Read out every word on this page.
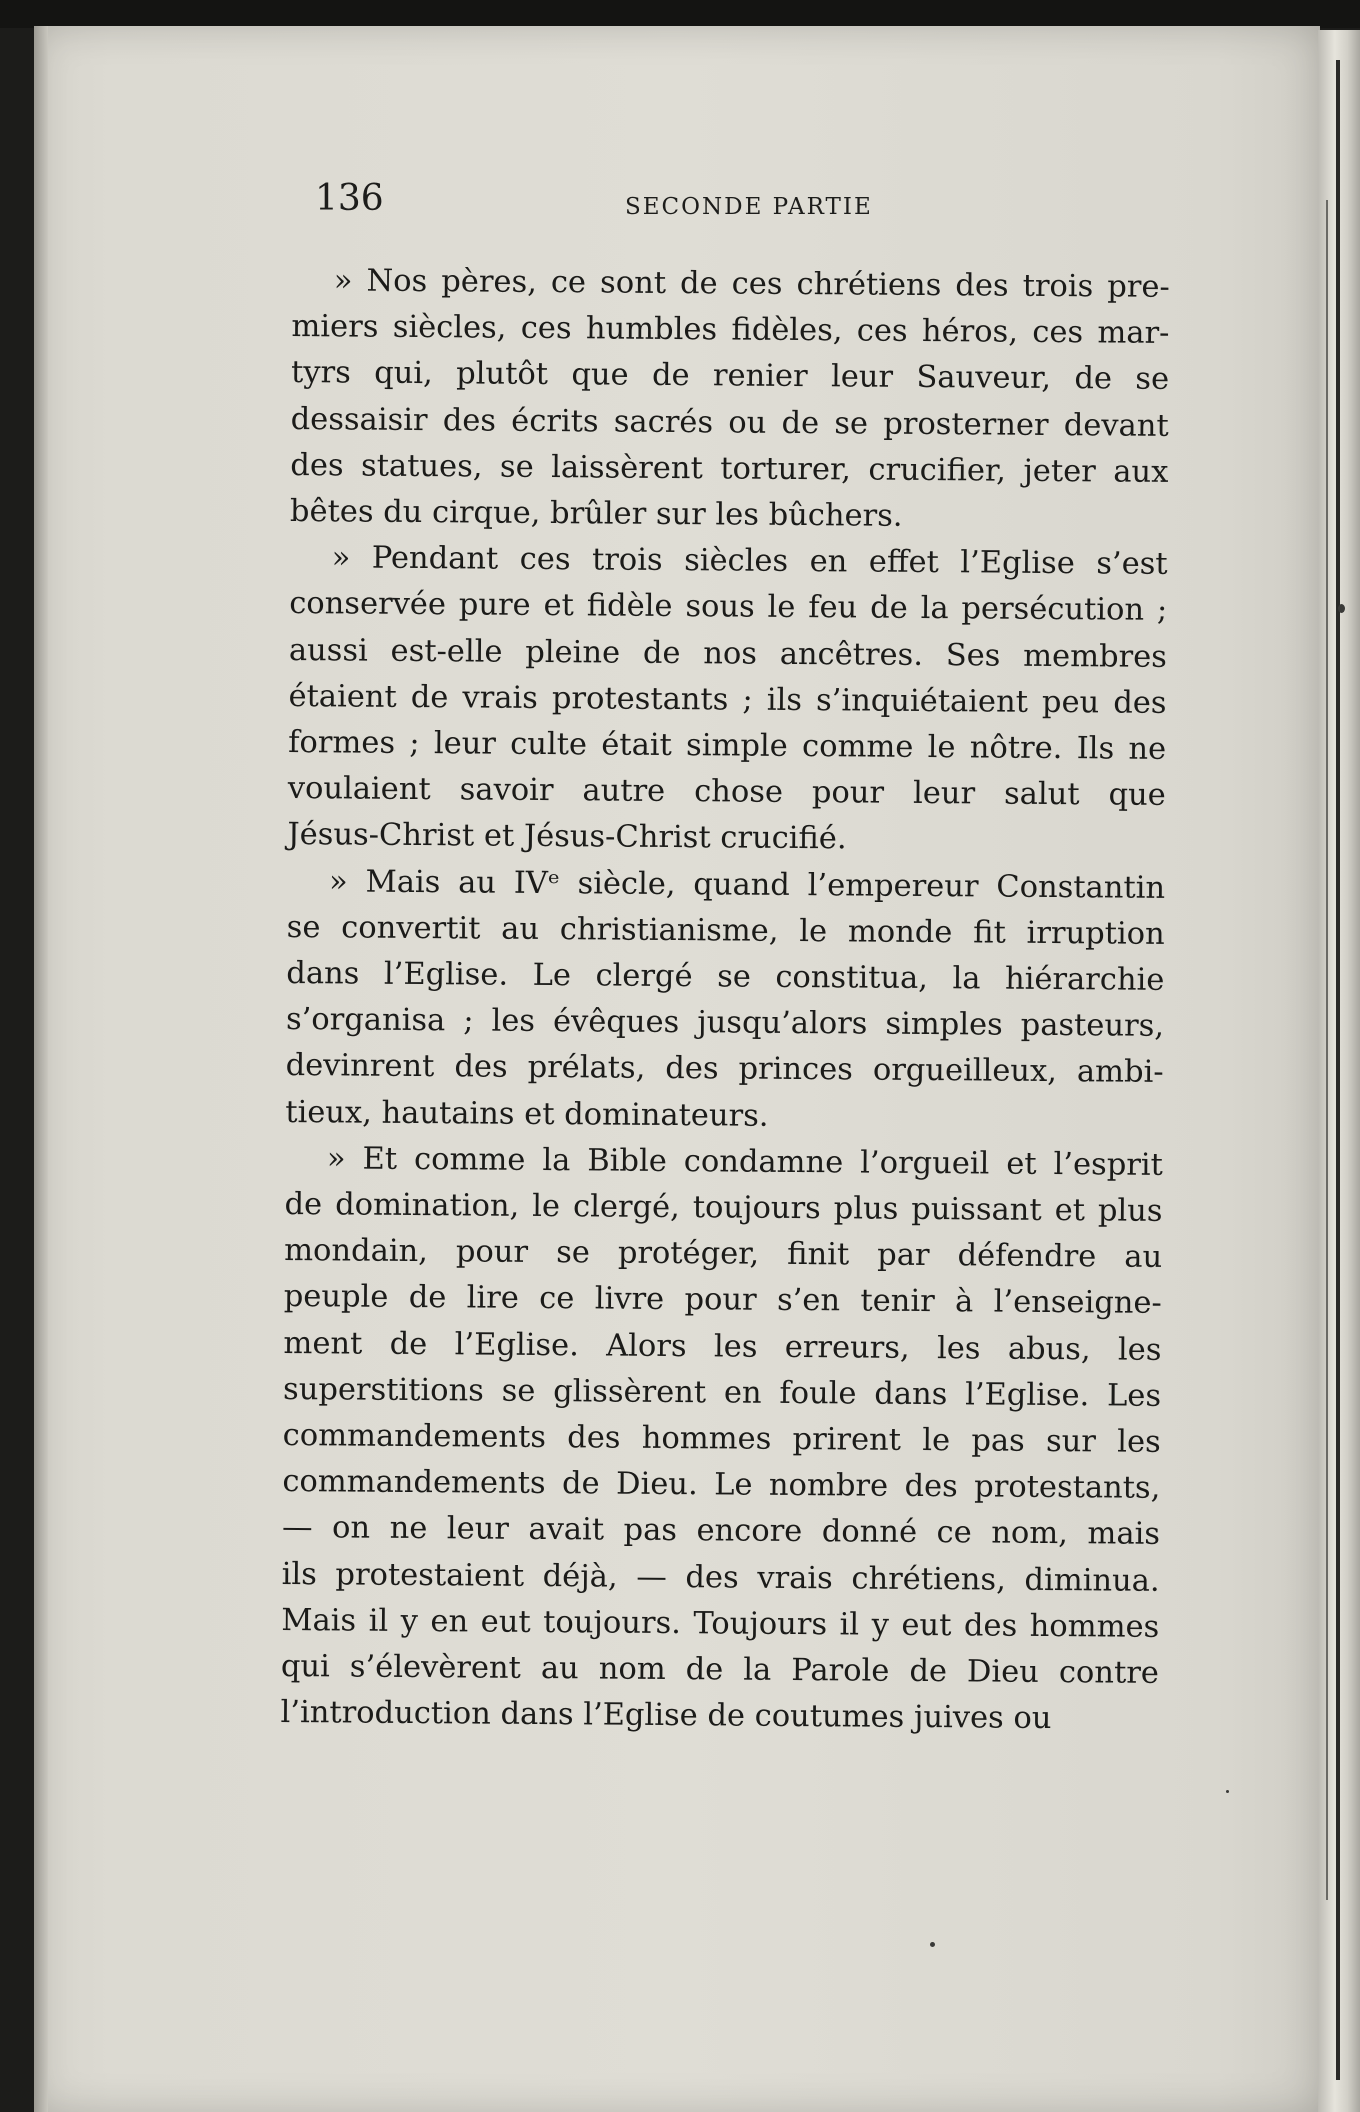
136	SECONDE PARTIE

» Nos pères, ce sont de ces chrétiens des trois pre-
miers siècles, ces humbles fidèles, ces héros, ces mar-
tyrs qui, plutôt que de renier leur Sauveur, de se
dessaisir des écrits sacrés ou de se prosterner devant
des statues, se laissèrent torturer, crucifier, jeter aux
bêtes du cirque, brûler sur les bûchers.

» Pendant ces trois siècles en effet l’Eglise s’est
conservée pure et fidèle sous le feu de la persécution ;
aussi est-elle pleine de nos ancêtres. Ses membres
étaient de vrais protestants ; ils s’inquiétaient peu des
formes ; leur culte était simple comme le nôtre. Ils ne
voulaient savoir autre chose pour leur salut que
Jésus-Christ et Jésus-Christ crucifié.

» Mais au IVᵉ siècle, quand l’empereur Constantin
se convertit au christianisme, le monde fit irruption
dans l’Eglise. Le clergé se constitua, la hiérarchie
s’organisa ; les évêques jusqu’alors simples pasteurs,
devinrent des prélats, des princes orgueilleux, ambi-
tieux, hautains et dominateurs.

» Et comme la Bible condamne l’orgueil et l’esprit
de domination, le clergé, toujours plus puissant et plus
mondain, pour se protéger, finit par défendre au
peuple de lire ce livre pour s’en tenir à l’enseigne-
ment de l’Eglise. Alors les erreurs, les abus, les
superstitions se glissèrent en foule dans l’Eglise. Les
commandements des hommes prirent le pas sur les
commandements de Dieu. Le nombre des protestants,
— on ne leur avait pas encore donné ce nom, mais
ils protestaient déjà, — des vrais chrétiens, diminua.
Mais il y en eut toujours. Toujours il y eut des hommes
qui s’élevèrent au nom de la Parole de Dieu contre
l’introduction dans l’Eglise de coutumes juives ou
